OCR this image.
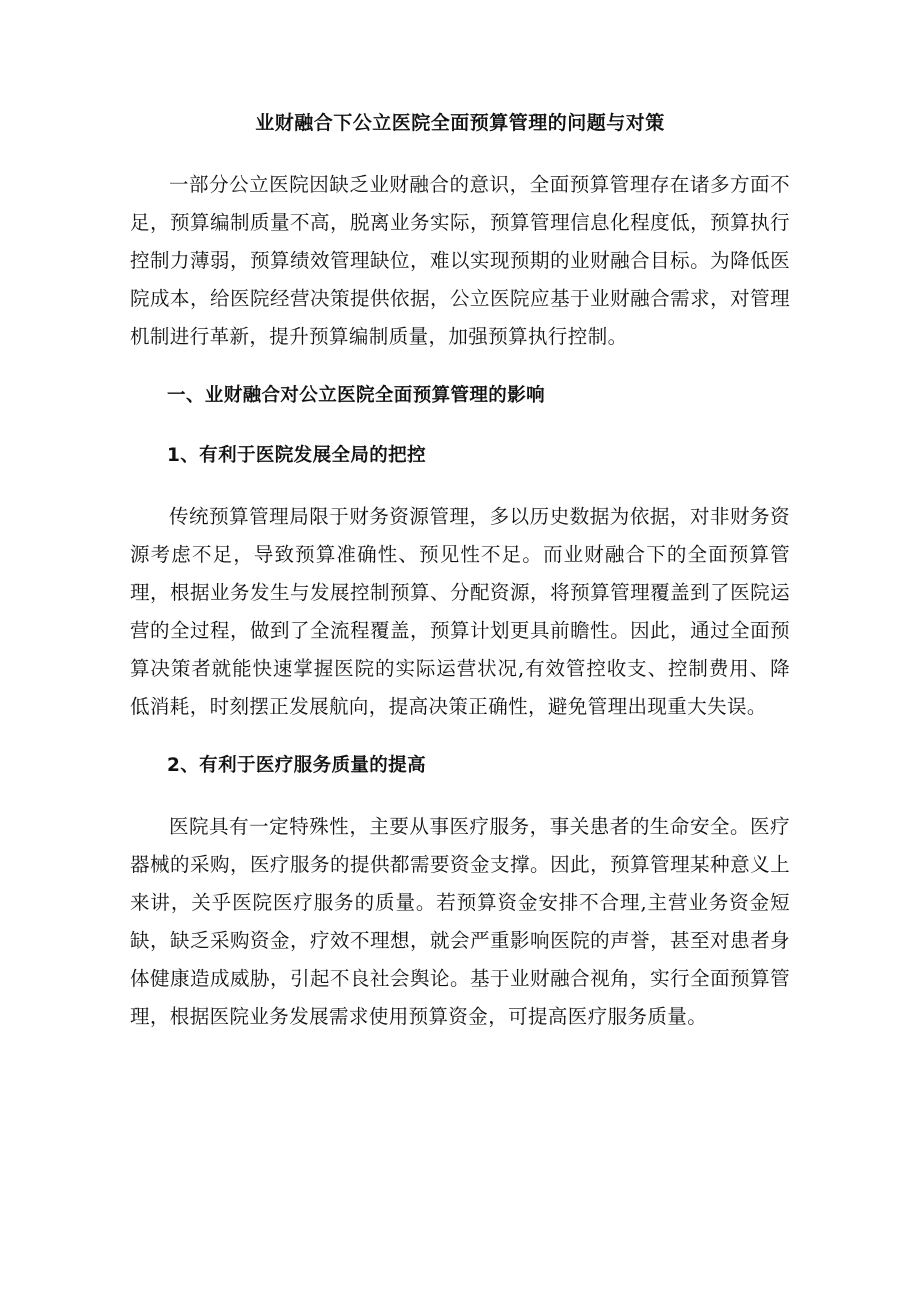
业财融合下公立医院全面预算管理的问题与对策

一部分公立医院因缺乏业财融合的意识，全面预算管理存在诸多方面不足，预算编制质量不高，脱离业务实际，预算管理信息化程度低，预算执行控制力薄弱，预算绩效管理缺位，难以实现预期的业财融合目标。为降低医院成本，给医院经营决策提供依据，公立医院应基于业财融合需求，对管理机制进行革新，提升预算编制质量，加强预算执行控制。

一、业财融合对公立医院全面预算管理的影响
1、有利于医院发展全局的把控

传统预算管理局限于财务资源管理，多以历史数据为依据，对非财务资源考虑不足，导致预算准确性、预见性不足。而业财融合下的全面预算管理，根据业务发生与发展控制预算、分配资源，将预算管理覆盖到了医院运营的全过程，做到了全流程覆盖，预算计划更具前瞻性。因此，通过全面预算决策者就能快速掌握医院的实际运营状况,有效管控收支、控制费用、降低消耗，时刻摆正发展航向，提高决策正确性，避免管理出现重大失误。

2、有利于医疗服务质量的提高

医院具有一定特殊性，主要从事医疗服务，事关患者的生命安全。医疗器械的采购，医疗服务的提供都需要资金支撑。因此，预算管理某种意义上来讲，关乎医院医疗服务的质量。若预算资金安排不合理,主营业务资金短缺，缺乏采购资金，疗效不理想，就会严重影响医院的声誉，甚至对患者身体健康造成威胁，引起不良社会舆论。基于业财融合视角，实行全面预算管理，根据医院业务发展需求使用预算资金，可提高医疗服务质量。
